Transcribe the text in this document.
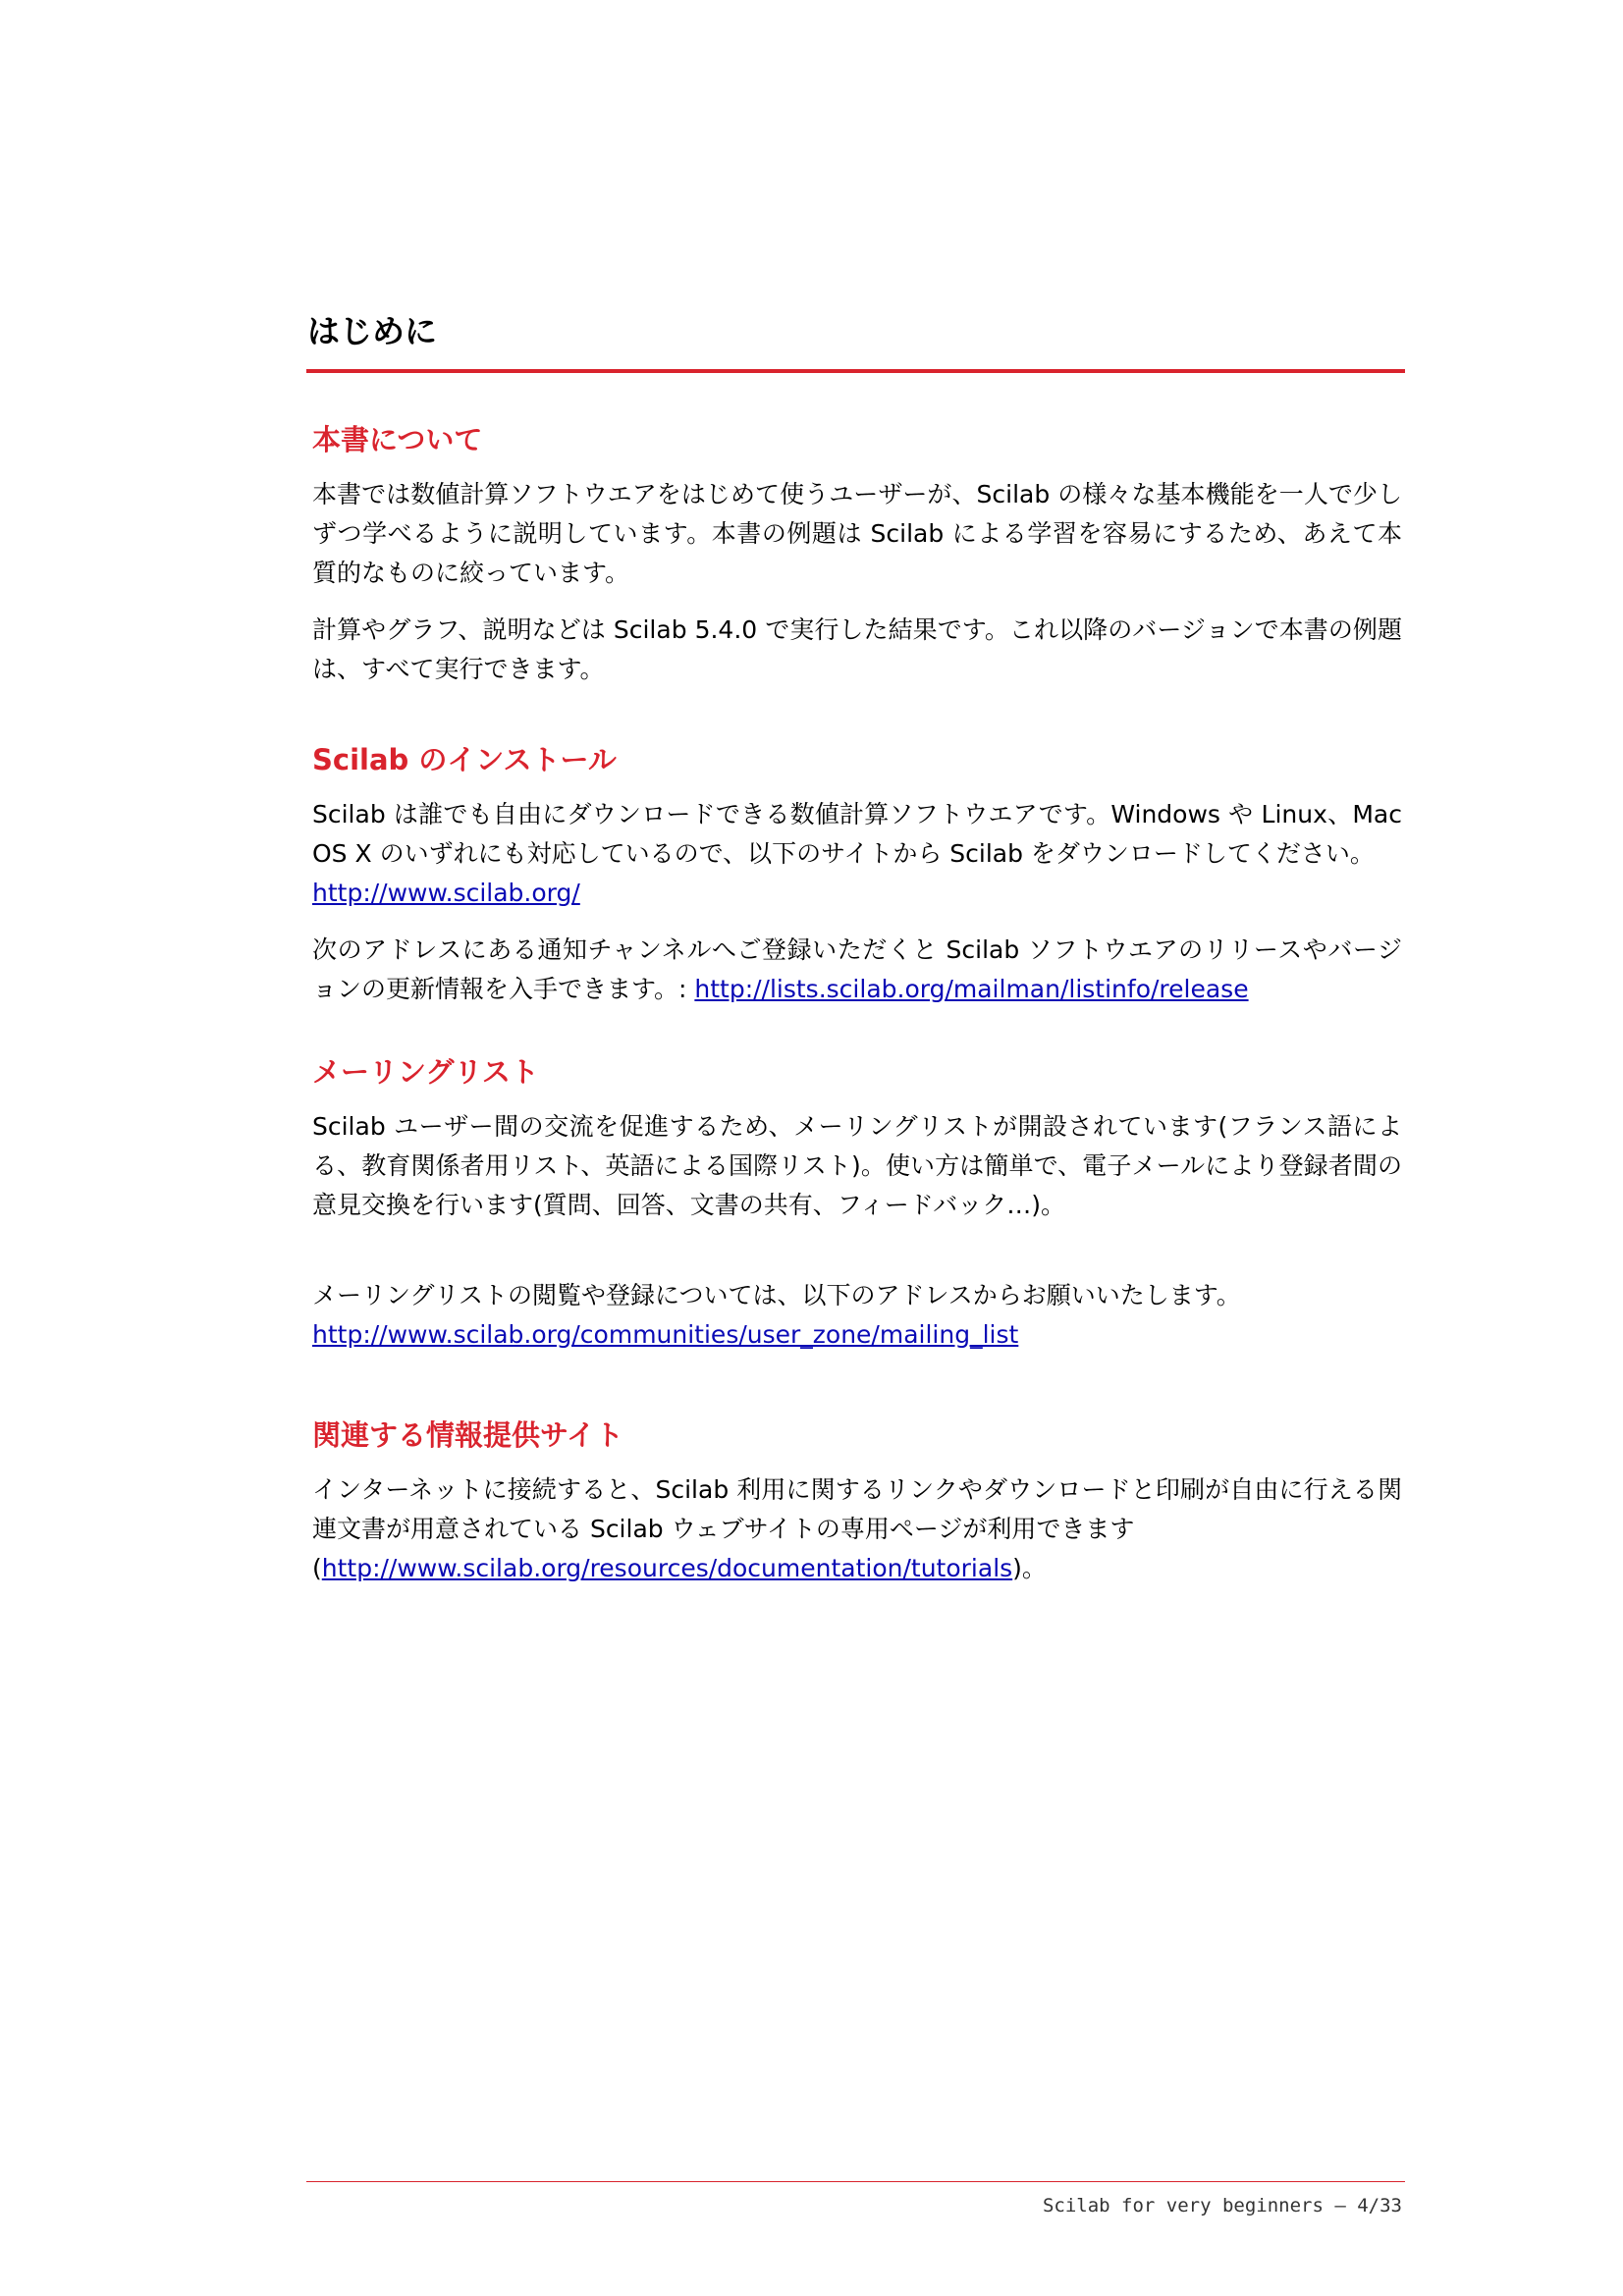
はじめに
本書について

本書では数値計算ソフトウエアをはじめて使うユーザーが、Scilab の様々な基本機能を一人で少しずつ学べるように説明しています。本書の例題は Scilab による学習を容易にするため、あえて本質的なものに絞っています。

計算やグラフ、説明などは Scilab 5.4.0 で実行した結果です。これ以降のバージョンで本書の例題は、すべて実行できます。

Scilab のインストール

Scilab は誰でも自由にダウンロードできる数値計算ソフトウエアです。Windows や Linux、Mac OS X のいずれにも対応しているので、以下のサイトから Scilab をダウンロードしてください。
http://www.scilab.org/

次のアドレスにある通知チャンネルへご登録いただくと Scilab ソフトウエアのリリースやバージョンの更新情報を入手できます。: http://lists.scilab.org/mailman/listinfo/release

メーリングリスト

Scilab ユーザー間の交流を促進するため、メーリングリストが開設されています(フランス語による、教育関係者用リスト、英語による国際リスト)。使い方は簡単で、電子メールにより登録者間の意見交換を行います(質問、回答、文書の共有、フィードバック…)。

メーリングリストの閲覧や登録については、以下のアドレスからお願いいたします。
http://www.scilab.org/communities/user_zone/mailing_list

関連する情報提供サイト

インターネットに接続すると、Scilab 利用に関するリンクやダウンロードと印刷が自由に行える関連文書が用意されている Scilab ウェブサイトの専用ページが利用できます
(http://www.scilab.org/resources/documentation/tutorials)。

Scilab for very beginners — 4/33
